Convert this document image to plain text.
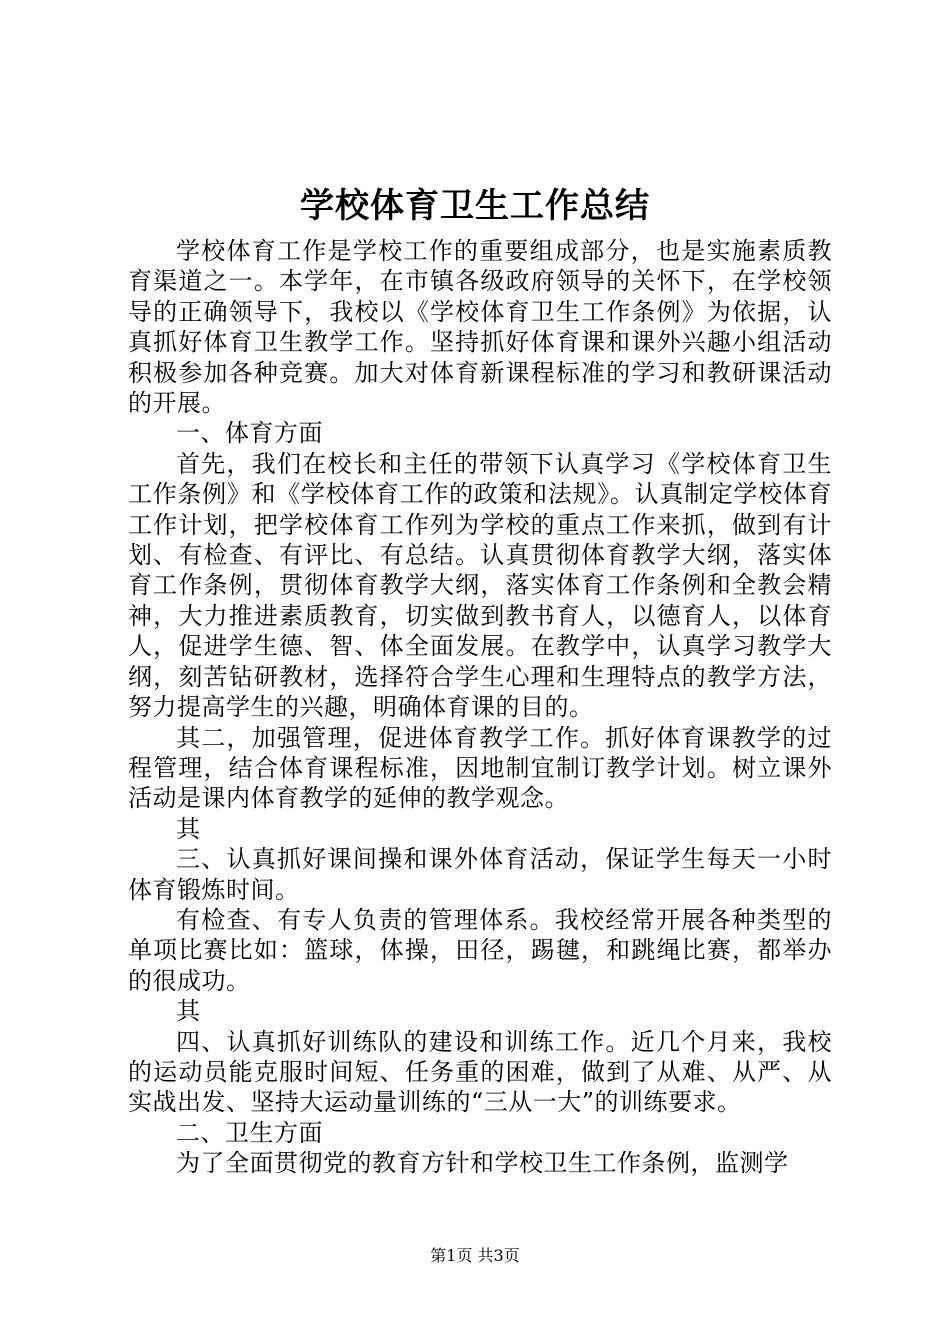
学校体育卫生工作总结

学校体育工作是学校工作的重要组成部分，也是实施素质教育渠道之一。本学年，在市镇各级政府领导的关怀下，在学校领导的正确领导下，我校以《学校体育卫生工作条例》为依据，认真抓好体育卫生教学工作。坚持抓好体育课和课外兴趣小组活动积极参加各种竞赛。加大对体育新课程标准的学习和教研课活动的开展。

一、体育方面

首先，我们在校长和主任的带领下认真学习《学校体育卫生工作条例》和《学校体育工作的政策和法规》。认真制定学校体育工作计划，把学校体育工作列为学校的重点工作来抓，做到有计划、有检查、有评比、有总结。认真贯彻体育教学大纲，落实体育工作条例，贯彻体育教学大纲，落实体育工作条例和全教会精神，大力推进素质教育，切实做到教书育人，以德育人，以体育人，促进学生德、智、体全面发展。在教学中，认真学习教学大纲，刻苦钻研教材，选择符合学生心理和生理特点的教学方法，努力提高学生的兴趣，明确体育课的目的。

其二，加强管理，促进体育教学工作。抓好体育课教学的过程管理，结合体育课程标准，因地制宜制订教学计划。树立课外活动是课内体育教学的延伸的教学观念。

其

三、认真抓好课间操和课外体育活动，保证学生每天一小时体育锻炼时间。

有检查、有专人负责的管理体系。我校经常开展各种类型的单项比赛比如：篮球，体操，田径，踢毽，和跳绳比赛，都举办的很成功。

其

四、认真抓好训练队的建设和训练工作。近几个月来，我校的运动员能克服时间短、任务重的困难，做到了从难、从严、从实战出发、坚持大运动量训练的“三从一大”的训练要求。

二、卫生方面

为了全面贯彻党的教育方针和学校卫生工作条例，监测学

第1页 共3页
